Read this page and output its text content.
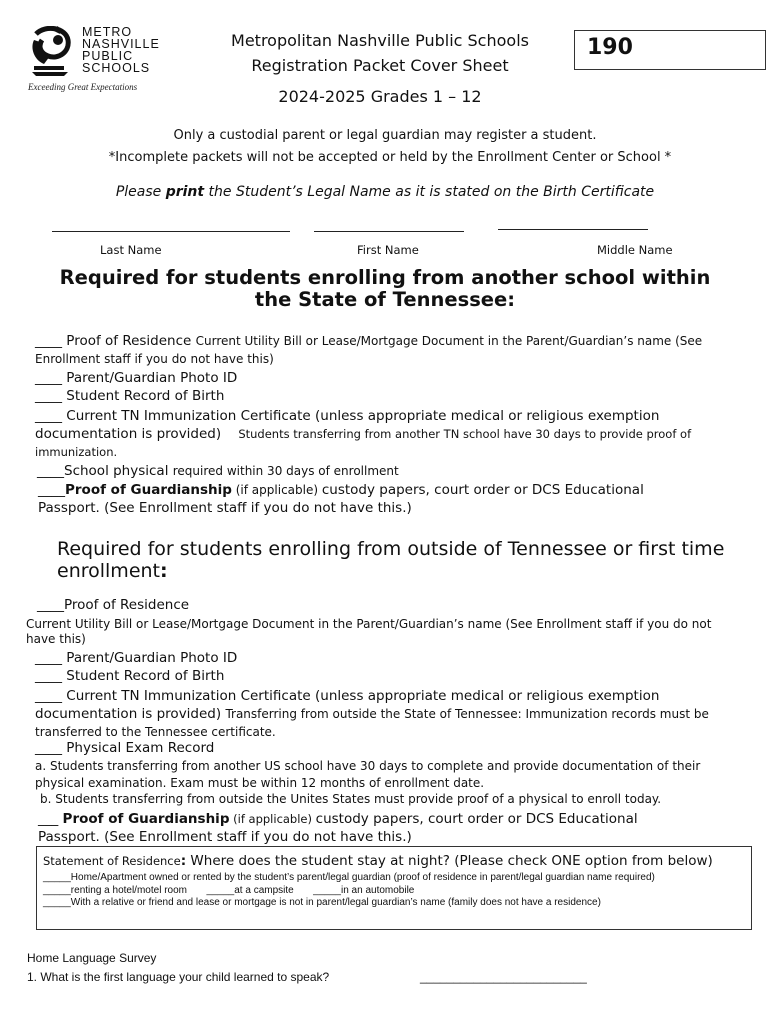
METRO
NASHVILLE
PUBLIC
SCHOOLS
Exceeding Great Expectations
Metropolitan Nashville Public Schools
Registration Packet Cover Sheet
190
2024-2025 Grades 1 – 12
Only a custodial parent or legal guardian may register a student.
*Incomplete packets will not be accepted or held by the Enrollment Center or School *
Please print the Student’s Legal Name as it is stated on the Birth Certificate
Last Name	First Name	Middle Name
Required for students enrolling from another school within the State of Tennessee:
____ Proof of Residence Current Utility Bill or Lease/Mortgage Document in the Parent/Guardian’s name (See Enrollment staff if you do not have this)
____ Parent/Guardian Photo ID
____ Student Record of Birth
____ Current TN Immunization Certificate (unless appropriate medical or religious exemption documentation is provided) Students transferring from another TN school have 30 days to provide proof of immunization.
____School physical required within 30 days of enrollment
____Proof of Guardianship (if applicable) custody papers, court order or DCS Educational Passport. (See Enrollment staff if you do not have this.)
Required for students enrolling from outside of Tennessee or first time enrollment:
____Proof of Residence
Current Utility Bill or Lease/Mortgage Document in the Parent/Guardian’s name (See Enrollment staff if you do not have this)
____ Parent/Guardian Photo ID
____ Student Record of Birth
____ Current TN Immunization Certificate (unless appropriate medical or religious exemption documentation is provided) Transferring from outside the State of Tennessee: Immunization records must be transferred to the Tennessee certificate.
____ Physical Exam Record
a. Students transferring from another US school have 30 days to complete and provide documentation of their physical examination. Exam must be within 12 months of enrollment date.
b. Students transferring from outside the Unites States must provide proof of a physical to enroll today.
___ Proof of Guardianship (if applicable) custody papers, court order or DCS Educational Passport. (See Enrollment staff if you do not have this.)
Statement of Residence: Where does the student stay at night? (Please check ONE option from below)
_____Home/Apartment owned or rented by the student’s parent/legal guardian (proof of residence in parent/legal guardian name required)
_____renting a hotel/motel room _____at a campsite _____in an automobile
_____With a relative or friend and lease or mortgage is not in parent/legal guardian’s name (family does not have a residence)
Home Language Survey
1. What is the first language your child learned to speak?	_________________________
